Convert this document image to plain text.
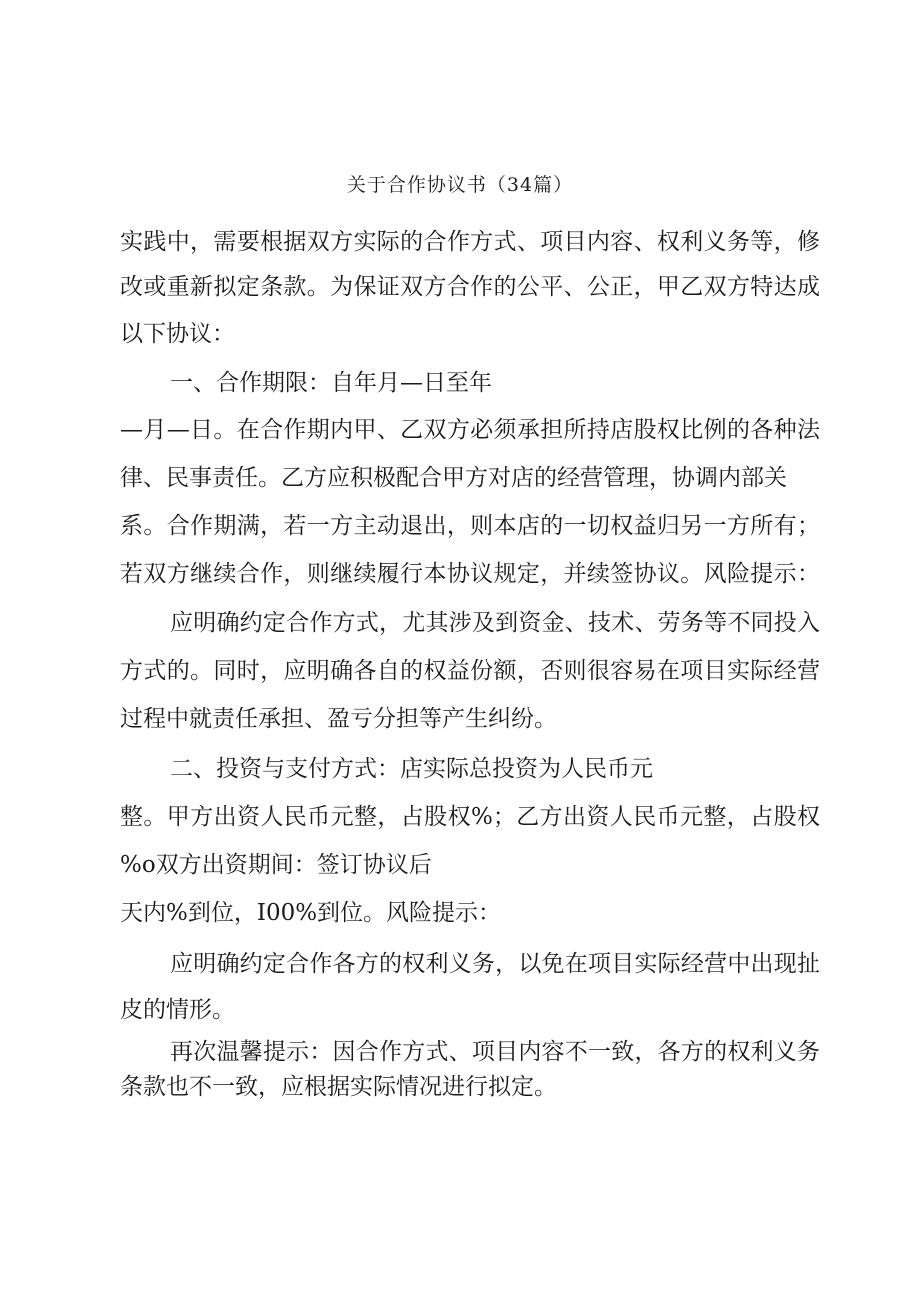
关于合作协议书（34篇）
实践中，需要根据双方实际的合作方式、项目内容、权利义务等，修
改或重新拟定条款。为保证双方合作的公平、公正，甲乙双方特达成
以下协议：
一、合作期限：自年月—日至年
—月—日。在合作期内甲、乙双方必须承担所持店股权比例的各种法
律、民事责任。乙方应积极配合甲方对店的经营管理，协调内部关
系。合作期满，若一方主动退出，则本店的一切权益归另一方所有；
若双方继续合作，则继续履行本协议规定，并续签协议。风险提示：
应明确约定合作方式，尤其涉及到资金、技术、劳务等不同投入
方式的。同时，应明确各自的权益份额，否则很容易在项目实际经营
过程中就责任承担、盈亏分担等产生纠纷。
二、投资与支付方式：店实际总投资为人民币元
整。甲方出资人民币元整，占股权%；乙方出资人民币元整，占股权
%o双方出资期间：签订协议后
天内%到位，I00%到位。风险提示：
应明确约定合作各方的权利义务，以免在项目实际经营中出现扯
皮的情形。
再次温馨提示：因合作方式、项目内容不一致，各方的权利义务
条款也不一致，应根据实际情况进行拟定。
